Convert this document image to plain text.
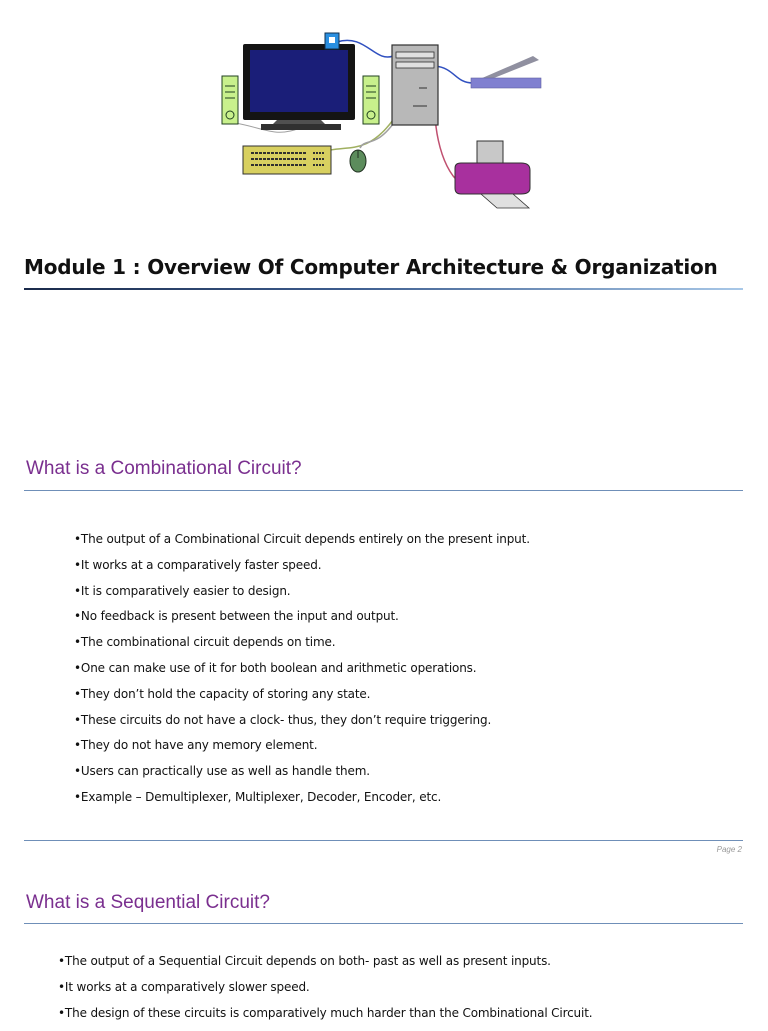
Module 1 : Overview Of Computer Architecture & Organization
What is a Combinational Circuit?
•The output of a Combinational Circuit depends entirely on the present input.
•It works at a comparatively faster speed.
•It is comparatively easier to design.
•No feedback is present between the input and output.
•The combinational circuit depends on time.
•One can make use of it for both boolean and arithmetic operations.
•They don’t hold the capacity of storing any state.
•These circuits do not have a clock- thus, they don’t require triggering.
•They do not have any memory element.
•Users can practically use as well as handle them.
•Example – Demultiplexer, Multiplexer, Decoder, Encoder, etc.
Page 2
What is a Sequential Circuit?
•The output of a Sequential Circuit depends on both- past as well as present inputs.
•It works at a comparatively slower speed.
•The design of these circuits is comparatively much harder than the Combinational Circuit.
